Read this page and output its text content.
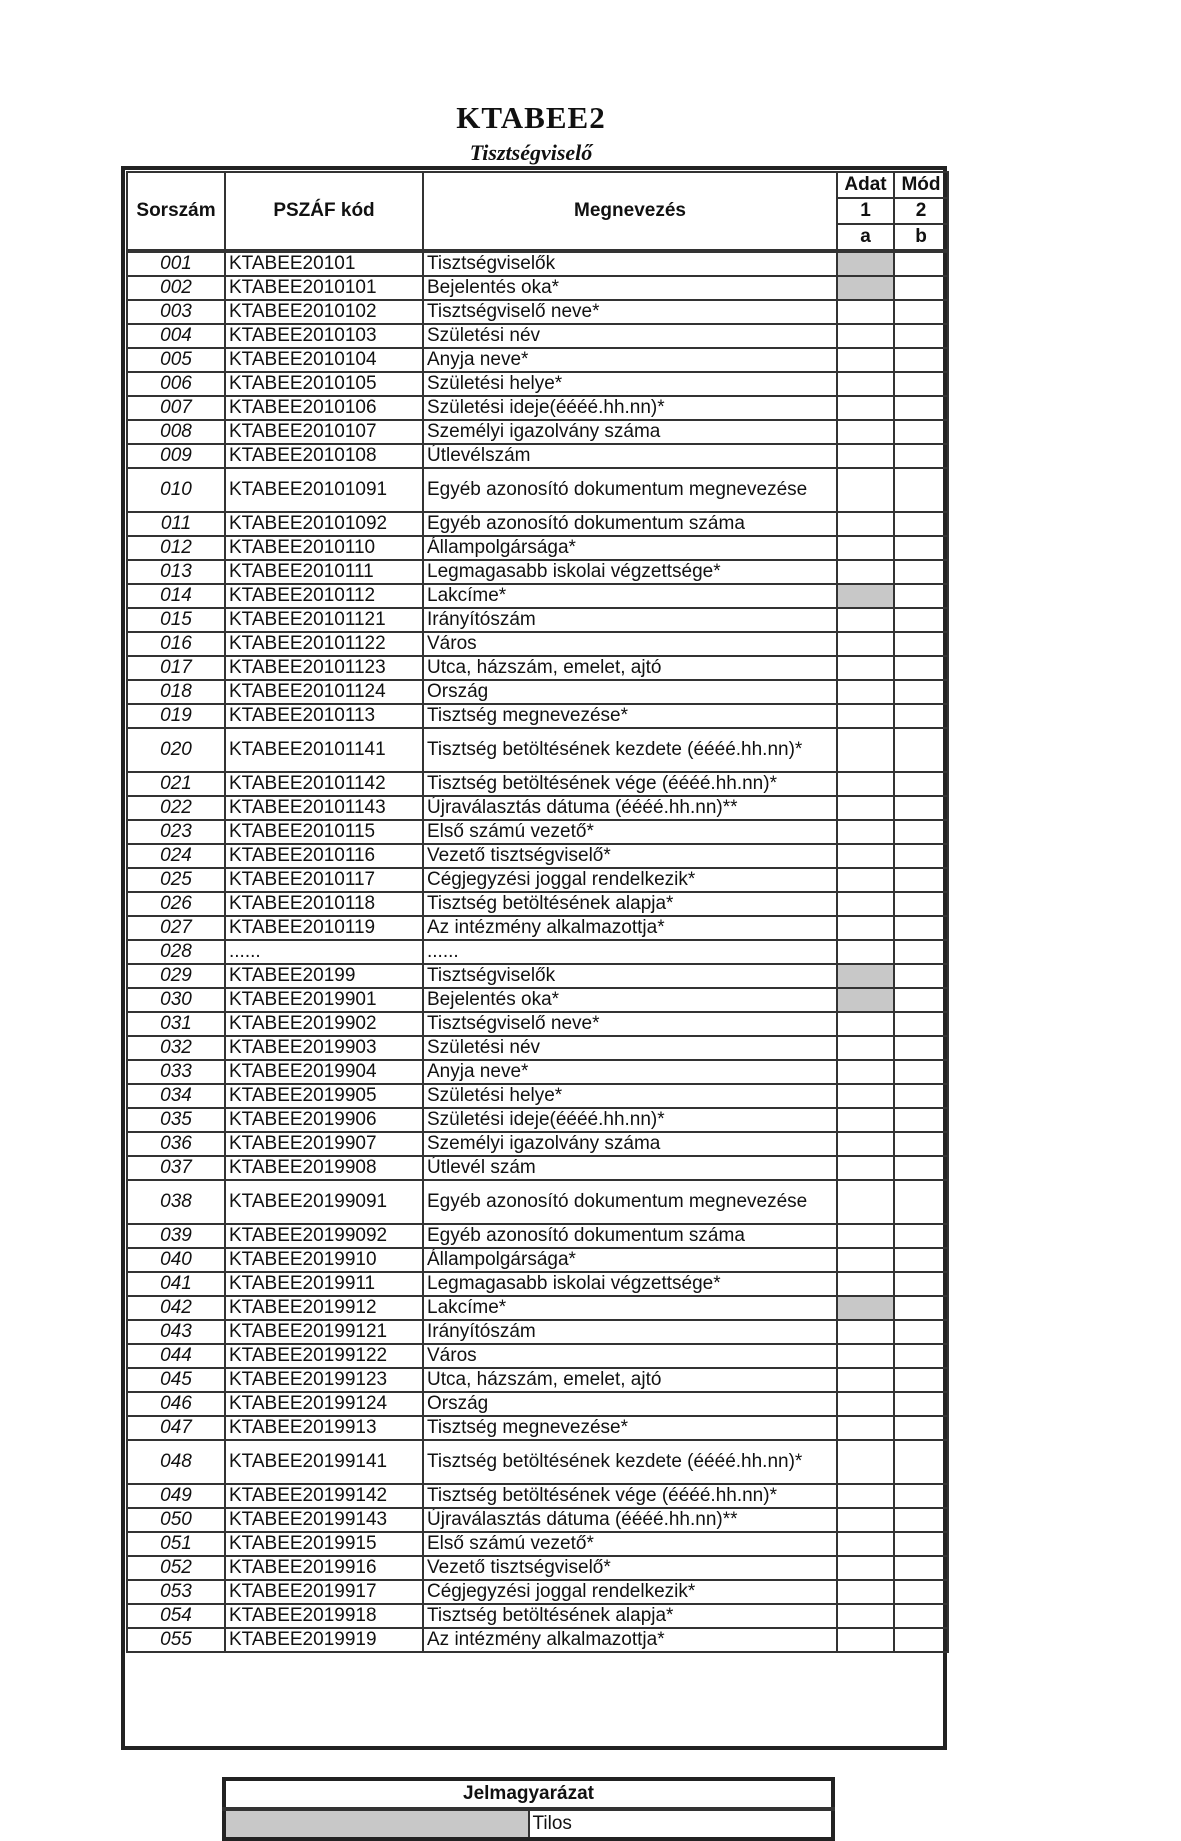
KTABEE2
Tisztségviselő
Sorszám	PSZÁF kód	Megnevezés	Adat	Mód
			1	2
			a	b
001	KTABEE20101	Tisztségviselők		
002	KTABEE2010101	Bejelentés oka*		
003	KTABEE2010102	Tisztségviselő neve*		
004	KTABEE2010103	Születési név		
005	KTABEE2010104	Anyja neve*		
006	KTABEE2010105	Születési helye*		
007	KTABEE2010106	Születési ideje(éééé.hh.nn)*		
008	KTABEE2010107	Személyi igazolvány száma		
009	KTABEE2010108	Útlevélszám		
010	KTABEE20101091	Egyéb azonosító dokumentum megnevezése		
011	KTABEE20101092	Egyéb azonosító dokumentum száma		
012	KTABEE2010110	Állampolgársága*		
013	KTABEE2010111	Legmagasabb iskolai végzettsége*		
014	KTABEE2010112	Lakcíme*		
015	KTABEE20101121	Irányítószám		
016	KTABEE20101122	Város		
017	KTABEE20101123	Utca, házszám, emelet, ajtó		
018	KTABEE20101124	Ország		
019	KTABEE2010113	Tisztség megnevezése*		
020	KTABEE20101141	Tisztség betöltésének kezdete (éééé.hh.nn)*		
021	KTABEE20101142	Tisztség betöltésének vége (éééé.hh.nn)*		
022	KTABEE20101143	Újraválasztás dátuma (éééé.hh.nn)**		
023	KTABEE2010115	Első számú vezető*		
024	KTABEE2010116	Vezető tisztségviselő*		
025	KTABEE2010117	Cégjegyzési joggal rendelkezik*		
026	KTABEE2010118	Tisztség betöltésének alapja*		
027	KTABEE2010119	Az intézmény alkalmazottja*		
028	......	......		
029	KTABEE20199	Tisztségviselők		
030	KTABEE2019901	Bejelentés oka*		
031	KTABEE2019902	Tisztségviselő neve*		
032	KTABEE2019903	Születési név		
033	KTABEE2019904	Anyja neve*		
034	KTABEE2019905	Születési helye*		
035	KTABEE2019906	Születési ideje(éééé.hh.nn)*		
036	KTABEE2019907	Személyi igazolvány száma		
037	KTABEE2019908	Útlevél szám		
038	KTABEE20199091	Egyéb azonosító dokumentum megnevezése		
039	KTABEE20199092	Egyéb azonosító dokumentum száma		
040	KTABEE2019910	Állampolgársága*		
041	KTABEE2019911	Legmagasabb iskolai végzettsége*		
042	KTABEE2019912	Lakcíme*		
043	KTABEE20199121	Irányítószám		
044	KTABEE20199122	Város		
045	KTABEE20199123	Utca, házszám, emelet, ajtó		
046	KTABEE20199124	Ország		
047	KTABEE2019913	Tisztség megnevezése*		
048	KTABEE20199141	Tisztség betöltésének kezdete (éééé.hh.nn)*		
049	KTABEE20199142	Tisztség betöltésének vége (éééé.hh.nn)*		
050	KTABEE20199143	Újraválasztás dátuma (éééé.hh.nn)**		
051	KTABEE2019915	Első számú vezető*		
052	KTABEE2019916	Vezető tisztségviselő*		
053	KTABEE2019917	Cégjegyzési joggal rendelkezik*		
054	KTABEE2019918	Tisztség betöltésének alapja*		
055	KTABEE2019919	Az intézmény alkalmazottja*		
Jelmagyarázat
	Tilos
